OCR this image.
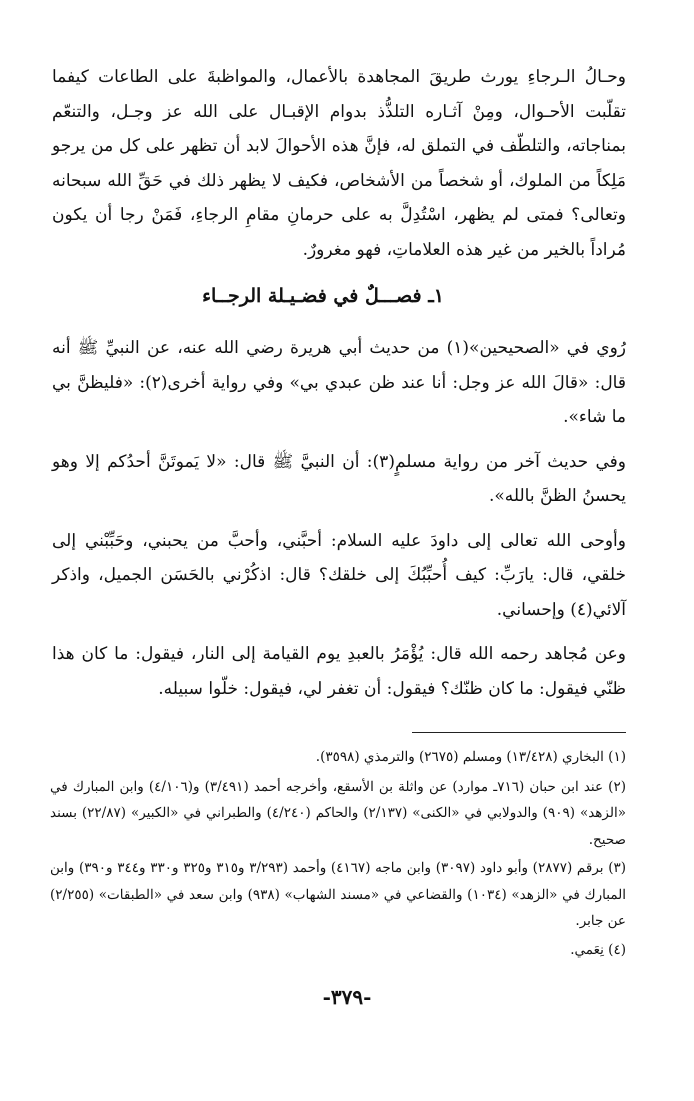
وحـالُ الـرجاءِ يورث طريقَ المجاهدة بالأعمال، والمواظبةَ على الطاعات كيفما تقلّبت الأحـوال، ومِنْ آثـاره التلذُّذ بدوام الإقبـال على الله عز وجـل، والتنعّم بمناجاته، والتلطّف في التملق له، فإنَّ هذه الأحوالَ لابد أن تظهر على كل من يرجو مَلِكاً من الملوك، أو شخصاً من الأشخاص، فكيف لا يظهر ذلك في حَقِّ الله سبحانه وتعالى؟ فمتى لم يظهر، اسْتُدِلَّ به على حرمانِ مقامِ الرجاءِ، فَمَنْ رجا أن يكون مُراداً بالخير من غير هذه العلاماتِ، فهو مغرورٌ.

١ـ فصـــلٌ في فضـيـلة الرجــاء

رُوي في «الصحيحين»(١) من حديث أبي هريرة رضي الله عنه، عن النبيِّ ﷺ أنه قال: «قالَ الله عز وجل: أنا عند ظن عبدي بي» وفي رواية أخرى(٢): «فليظنَّ بي ما شاء».

وفي حديث آخر من رواية مسلمٍ(٣): أن النبيَّ ﷺ قال: «لا يَموتَنَّ أحدُكم إلا وهو يحسنُ الظنَّ بالله».

وأوحى الله تعالى إلى داودَ عليه السلام: أحبَّني، وأحبَّ من يحبني، وحَبِّبْني إلى خلقي، قال: يارَبِّ: كيف أُحبِّبُكَ إلى خلقك؟ قال: اذكُرْني بالحَسَن الجميل، واذكر آلائي(٤) وإحساني.

وعن مُجاهد رحمه الله قال: يُؤْمَرُ بالعبدِ يوم القيامة إلى النار، فيقول: ما كان هذا ظنّي فيقول: ما كان ظنّك؟ فيقول: أن تغفر لي، فيقول: خلّوا سبيله.

(١) البخاري (١٣/٤٢٨) ومسلم (٢٦٧٥) والترمذي (٣٥٩٨).

(٢) عند ابن حبان (٧١٦ـ موارد) عن واثلة بن الأسقع، وأخرجه أحمد (٣/٤٩١) و(٤/١٠٦) وابن المبارك في «الزهد» (٩٠٩) والدولابي في «الكنى» (٢/١٣٧) والحاكم (٤/٢٤٠) والطبراني في «الكبير» (٢٢/٨٧) بسند صحيح.

(٣) برقم (٢٨٧٧) وأبو داود (٣٠٩٧) وابن ماجه (٤١٦٧) وأحمد (٣/٢٩٣ و٣١٥ و٣٢٥ و٣٣٠ و٣٤٤ و٣٩٠) وابن المبارك في «الزهد» (١٠٣٤) والقضاعي في «مسند الشهاب» (٩٣٨) وابن سعد في «الطبقات» (٢/٢٥٥) عن جابر.

(٤) نِعَمي.

-٣٧٩-
